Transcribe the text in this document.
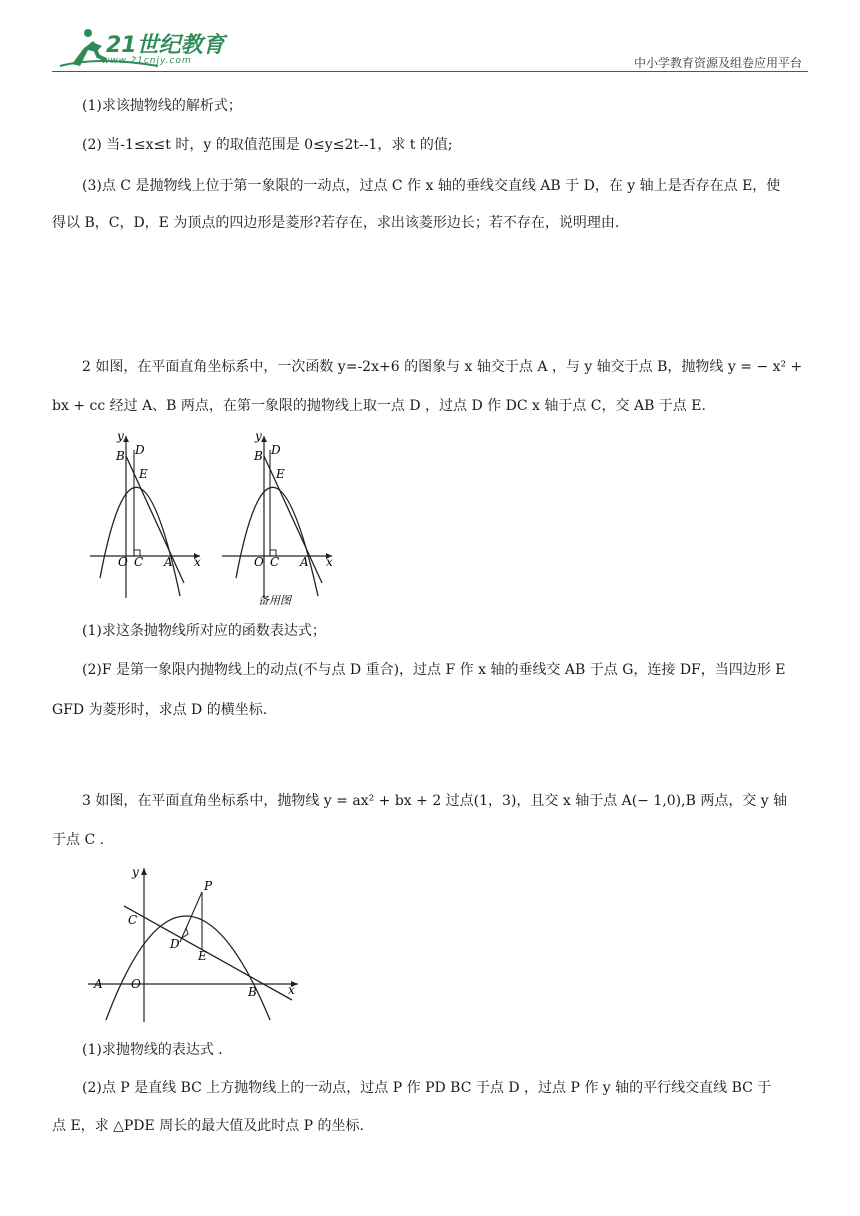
21世纪教育
www.21cnjy.com	中小学教育资源及组卷应用平台
(1)求该抛物线的解析式；
(2) 当-1≤x≤t 时，y 的取值范围是 0≤y≤2t--1，求 t 的值;
(3)点 C 是抛物线上位于第一象限的一动点，过点 C 作 x 轴的垂线交直线 AB 于 D，在 y 轴上是否存在点 E，使
得以 B，C，D，E 为顶点的四边形是菱形?若存在，求出该菱形边长；若不存在，说明理由.
2 如图，在平面直角坐标系中，一次函数 y=-2x+6 的图象与 x 轴交于点 A ，与 y 轴交于点 B，抛物线 y = − x² +
bx + cc 经过 A、B 两点，在第一象限的抛物线上取一点 D ，过点 D 作 DC x 轴于点 C，交 AB 于点 E.
y
x
O C A
B D
E
y
x
O C A
B D
E
备用图
(1)求这条抛物线所对应的函数表达式；
(2)F 是第一象限内抛物线上的动点(不与点 D 重合)，过点 F 作 x 轴的垂线交 AB 于点 G，连接 DF，当四边形 E
GFD 为菱形时，求点 D 的横坐标.
3 如图，在平面直角坐标系中，抛物线 y = ax² + bx + 2 过点(1，3)，且交 x 轴于点 A(− 1,0),B 两点，交 y 轴
于点 C .
y
x
O
A
B
C
D
E
P
(1)求抛物线的表达式 .
(2)点 P 是直线 BC 上方抛物线上的一动点，过点 P 作 PD BC 于点 D ，过点 P 作 y 轴的平行线交直线 BC 于
点 E，求 △PDE 周长的最大值及此时点 P 的坐标.
